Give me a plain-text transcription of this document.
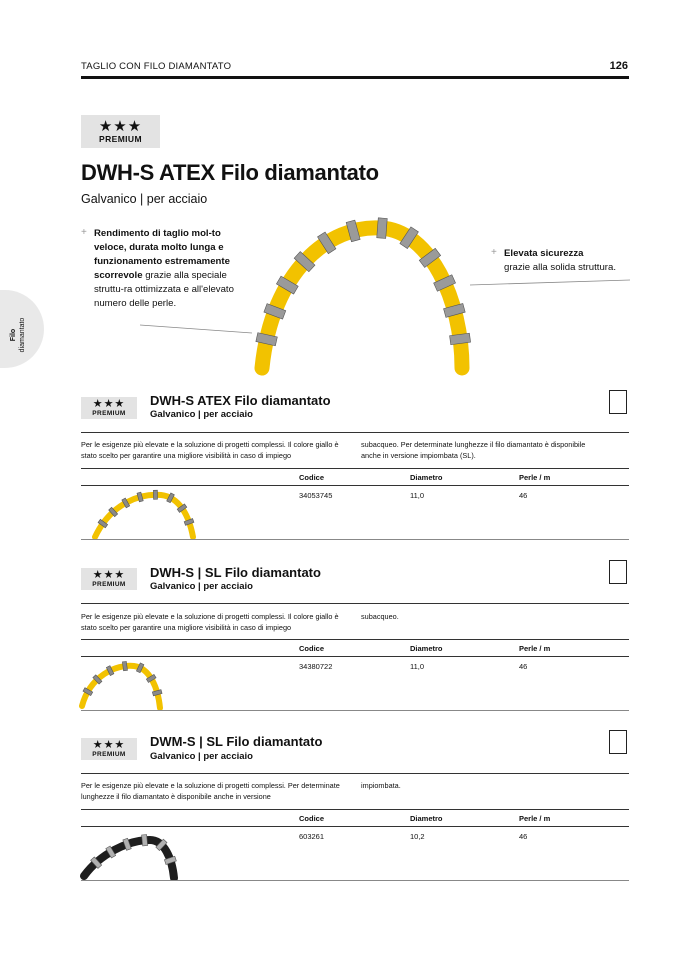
TAGLIO CON FILO DIAMANTATO	126
Filo diamantato
★★★
PREMIUM
DWH-S ATEX Filo diamantato
Galvanico | per acciaio
+ Rendimento di taglio mol-to veloce, durata molto lunga e funzionamento estremamente scorrevole grazie alla speciale struttu-ra ottimizzata e all'elevato numero delle perle.
+ Elevata sicurezza
grazie alla solida struttura.
★★★
PREMIUM
DWH-S ATEX Filo diamantato
Galvanico | per acciaio
Per le esigenze più elevate e la soluzione di progetti complessi. Il colore giallo è stato scelto per garantire una migliore visibilità in caso di impiego
subacqueo. Per determinate lunghezze il filo diamantato è disponibile anche in versione impiombata (SL).
Codice	Diametro	Perle / m
34053745	11,0	46
★★★
PREMIUM
DWH-S | SL Filo diamantato
Galvanico | per acciaio
Per le esigenze più elevate e la soluzione di progetti complessi. Il colore giallo è stato scelto per garantire una migliore visibilità in caso di impiego
subacqueo.
Codice	Diametro	Perle / m
34380722	11,0	46
★★★
PREMIUM
DWM-S | SL Filo diamantato
Galvanico | per acciaio
Per le esigenze più elevate e la soluzione di progetti complessi. Per determinate lunghezze il filo diamantato è disponibile anche in versione
impiombata.
Codice	Diametro	Perle / m
603261	10,2	46
